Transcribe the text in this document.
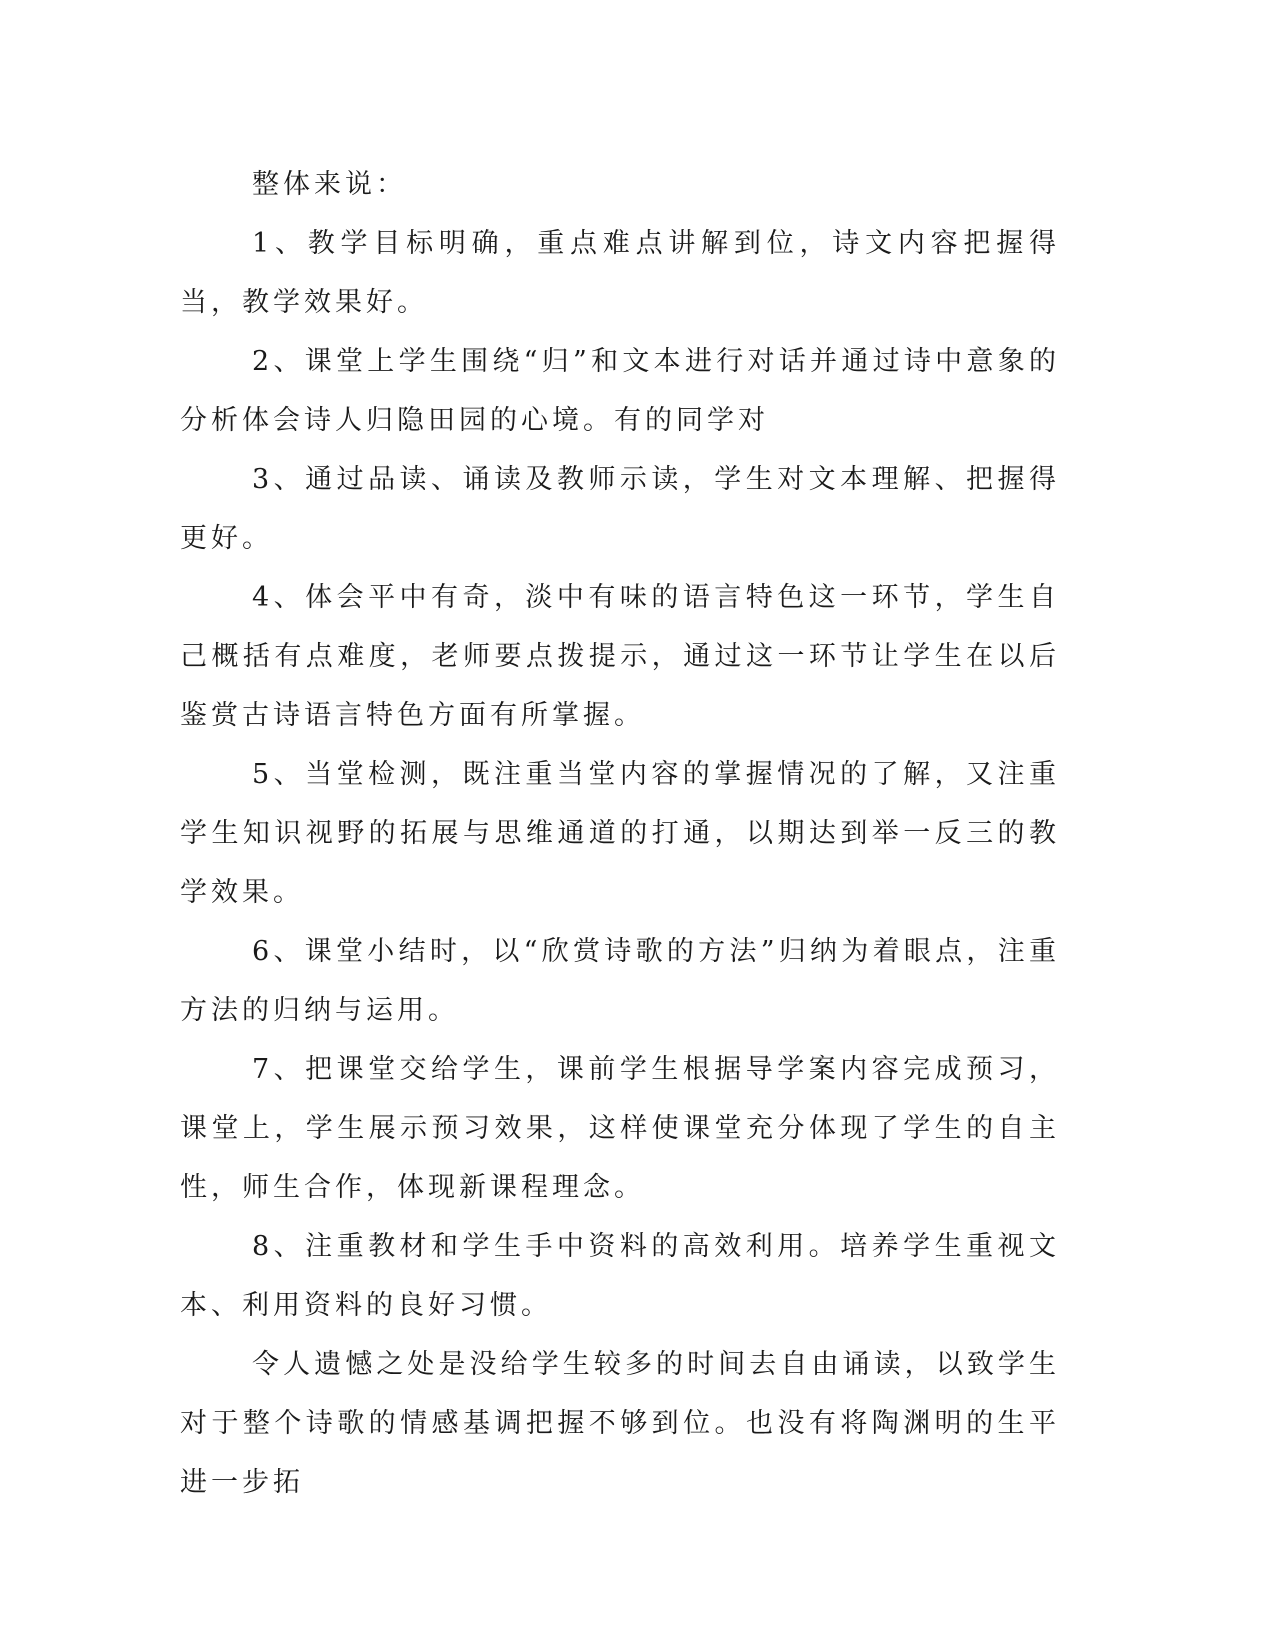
整体来说：

1、教学目标明确，重点难点讲解到位，诗文内容把握得当，教学效果好。

2、课堂上学生围绕“归”和文本进行对话并通过诗中意象的分析体会诗人归隐田园的心境。有的同学对

3、通过品读、诵读及教师示读，学生对文本理解、把握得更好。

4、体会平中有奇，淡中有味的语言特色这一环节，学生自己概括有点难度，老师要点拨提示，通过这一环节让学生在以后鉴赏古诗语言特色方面有所掌握。

5、当堂检测，既注重当堂内容的掌握情况的了解，又注重学生知识视野的拓展与思维通道的打通，以期达到举一反三的教学效果。

6、课堂小结时，以“欣赏诗歌的方法”归纳为着眼点，注重方法的归纳与运用。

7、把课堂交给学生，课前学生根据导学案内容完成预习，课堂上，学生展示预习效果，这样使课堂充分体现了学生的自主性，师生合作，体现新课程理念。

8、注重教材和学生手中资料的高效利用。培养学生重视文本、利用资料的良好习惯。

令人遗憾之处是没给学生较多的时间去自由诵读，以致学生对于整个诗歌的情感基调把握不够到位。也没有将陶渊明的生平进一步拓
